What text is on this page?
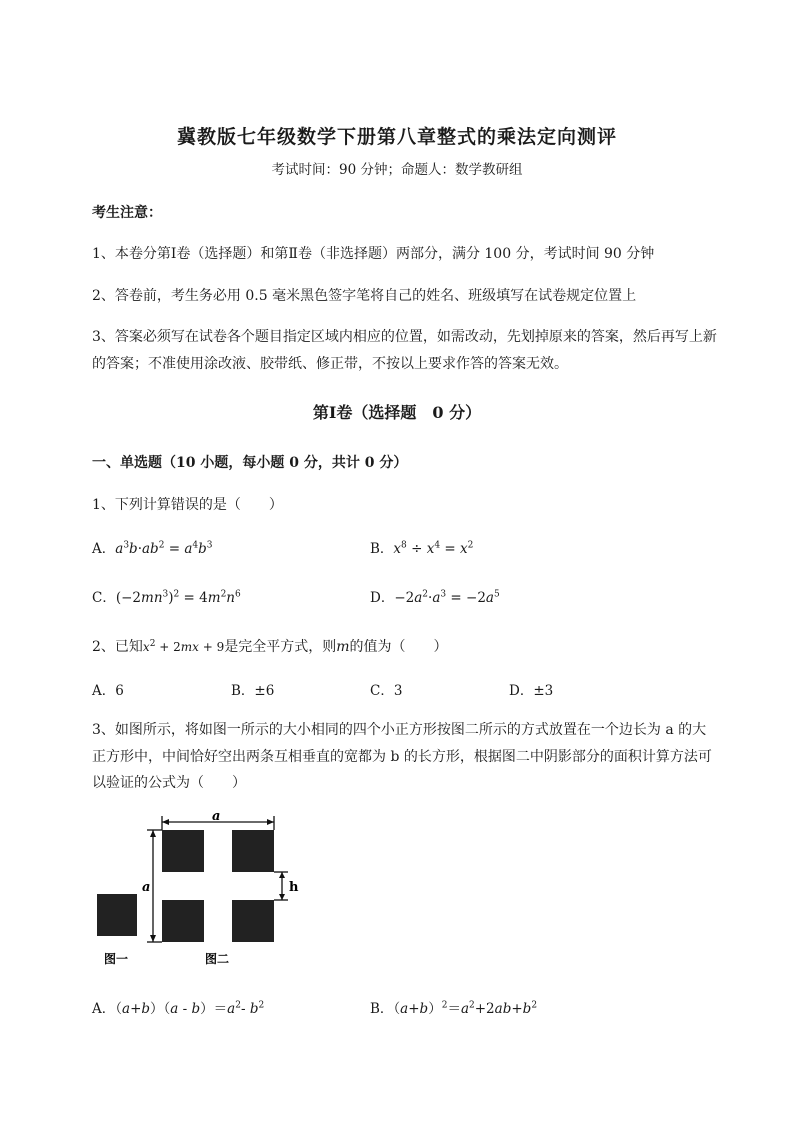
冀教版七年级数学下册第八章整式的乘法定向测评
考试时间：90 分钟；命题人：数学教研组
考生注意：
1、本卷分第Ⅰ卷（选择题）和第Ⅱ卷（非选择题）两部分，满分 100 分，考试时间 90 分钟
2、答卷前，考生务必用 0.5 毫米黑色签字笔将自己的姓名、班级填写在试卷规定位置上
3、答案必须写在试卷各个题目指定区域内相应的位置，如需改动，先划掉原来的答案，然后再写上新
的答案；不准使用涂改液、胶带纸、修正带，不按以上要求作答的答案无效。
第Ⅰ卷（选择题　0 分）
一、单选题（10 小题，每小题 0 分，共计 0 分）
1、下列计算错误的是（　　）
A．$a^3b\cdot ab^2 = a^4b^3$	B．$x^8 \div x^4 = x^2$
C．$(-2mn^3)^2 = 4m^2n^6$	D．$-2a^2\cdot a^3 = -2a^5$
2、已知$x^2 + 2mx + 9$是完全平方式，则m的值为（　　）
A．6	B．±6	C．3	D．±3
3、如图所示，将如图一所示的大小相同的四个小正方形按图二所示的方式放置在一个边长为 a 的大
正方形中，中间恰好空出两条互相垂直的宽都为 b 的长方形，根据图二中阴影部分的面积计算方法可
以验证的公式为（　　）
a
a	h
图一	图二
A．$(a+b)(a - b)=a^2-$ $b^2$	B．$(a+b)^2=a^2+2ab+b^2$
